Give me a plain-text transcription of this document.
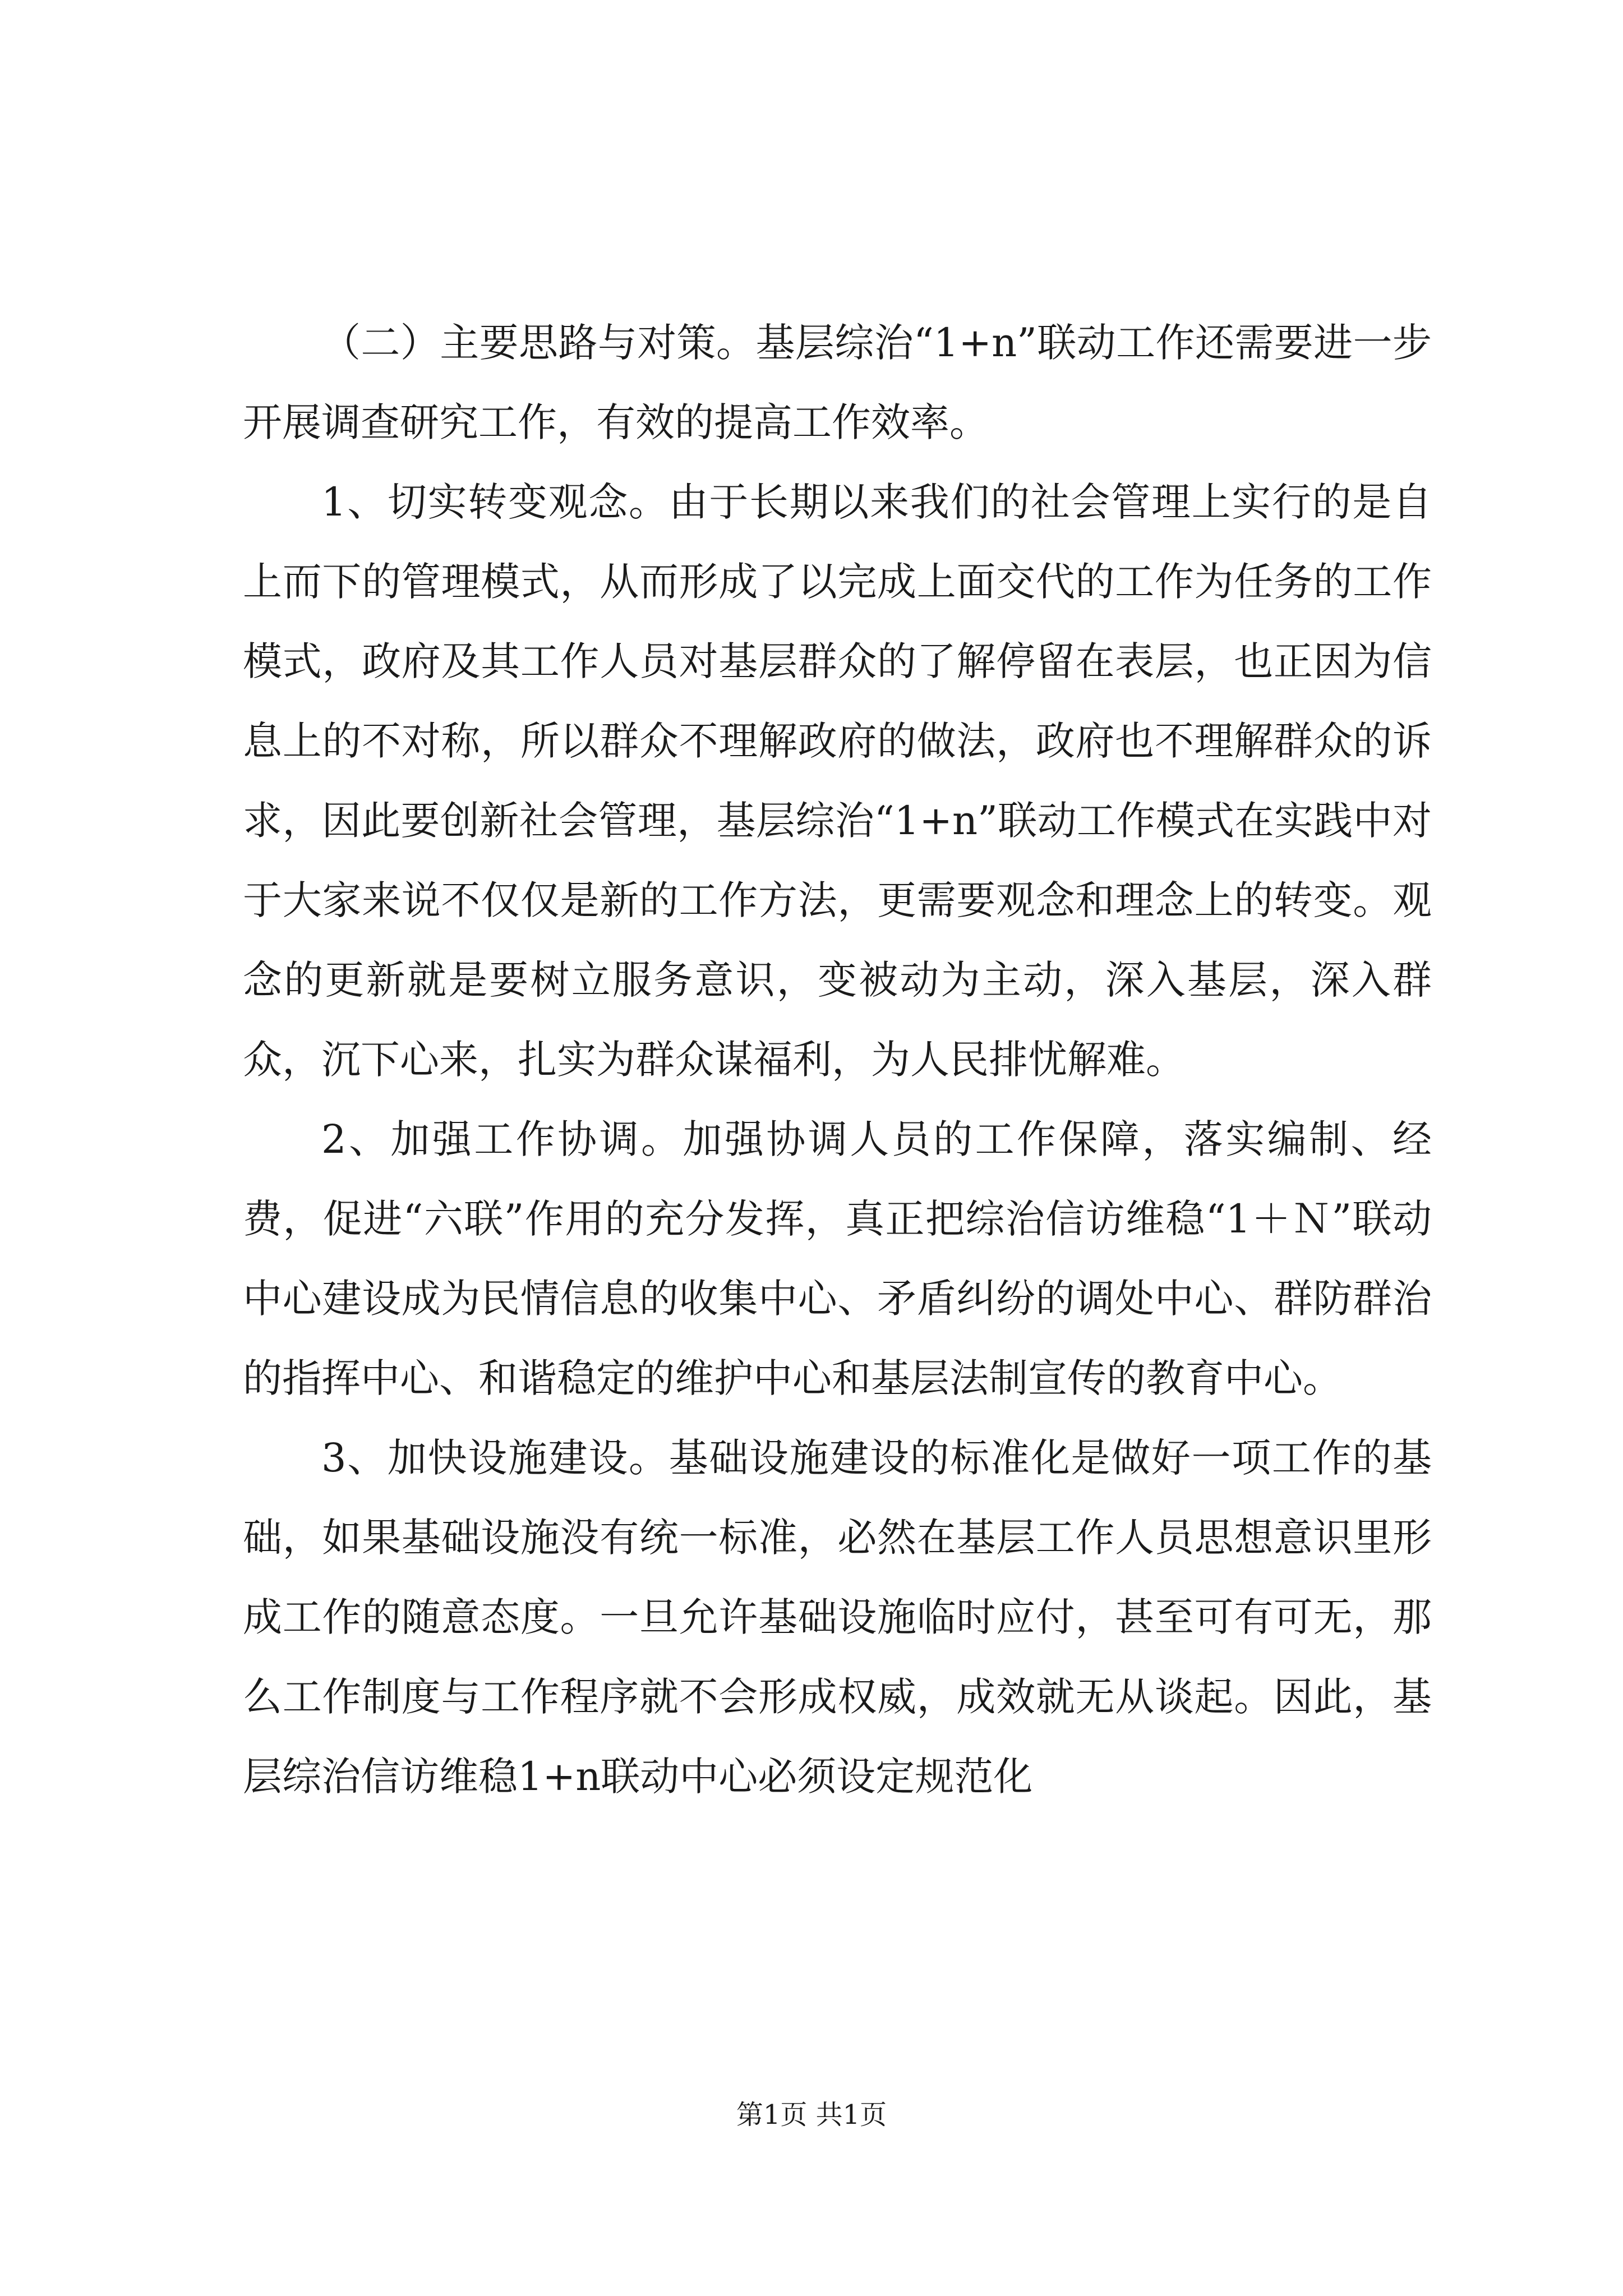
（二）主要思路与对策。基层综治“1+n”联动工作还需要进一步开展调查研究工作，有效的提高工作效率。

1、切实转变观念。由于长期以来我们的社会管理上实行的是自上而下的管理模式，从而形成了以完成上面交代的工作为任务的工作模式，政府及其工作人员对基层群众的了解停留在表层，也正因为信息上的不对称，所以群众不理解政府的做法，政府也不理解群众的诉求，因此要创新社会管理，基层综治“1+n”联动工作模式在实践中对于大家来说不仅仅是新的工作方法，更需要观念和理念上的转变。观念的更新就是要树立服务意识，变被动为主动，深入基层，深入群众，沉下心来，扎实为群众谋福利，为人民排忧解难。

2、加强工作协调。加强协调人员的工作保障，落实编制、经费，促进“六联”作用的充分发挥，真正把综治信访维稳“1＋Ｎ”联动中心建设成为民情信息的收集中心、矛盾纠纷的调处中心、群防群治的指挥中心、和谐稳定的维护中心和基层法制宣传的教育中心。

3、加快设施建设。基础设施建设的标准化是做好一项工作的基础，如果基础设施没有统一标准，必然在基层工作人员思想意识里形成工作的随意态度。一旦允许基础设施临时应付，甚至可有可无，那么工作制度与工作程序就不会形成权威，成效就无从谈起。因此，基层综治信访维稳1+n联动中心必须设定规范化

第1页 共1页
